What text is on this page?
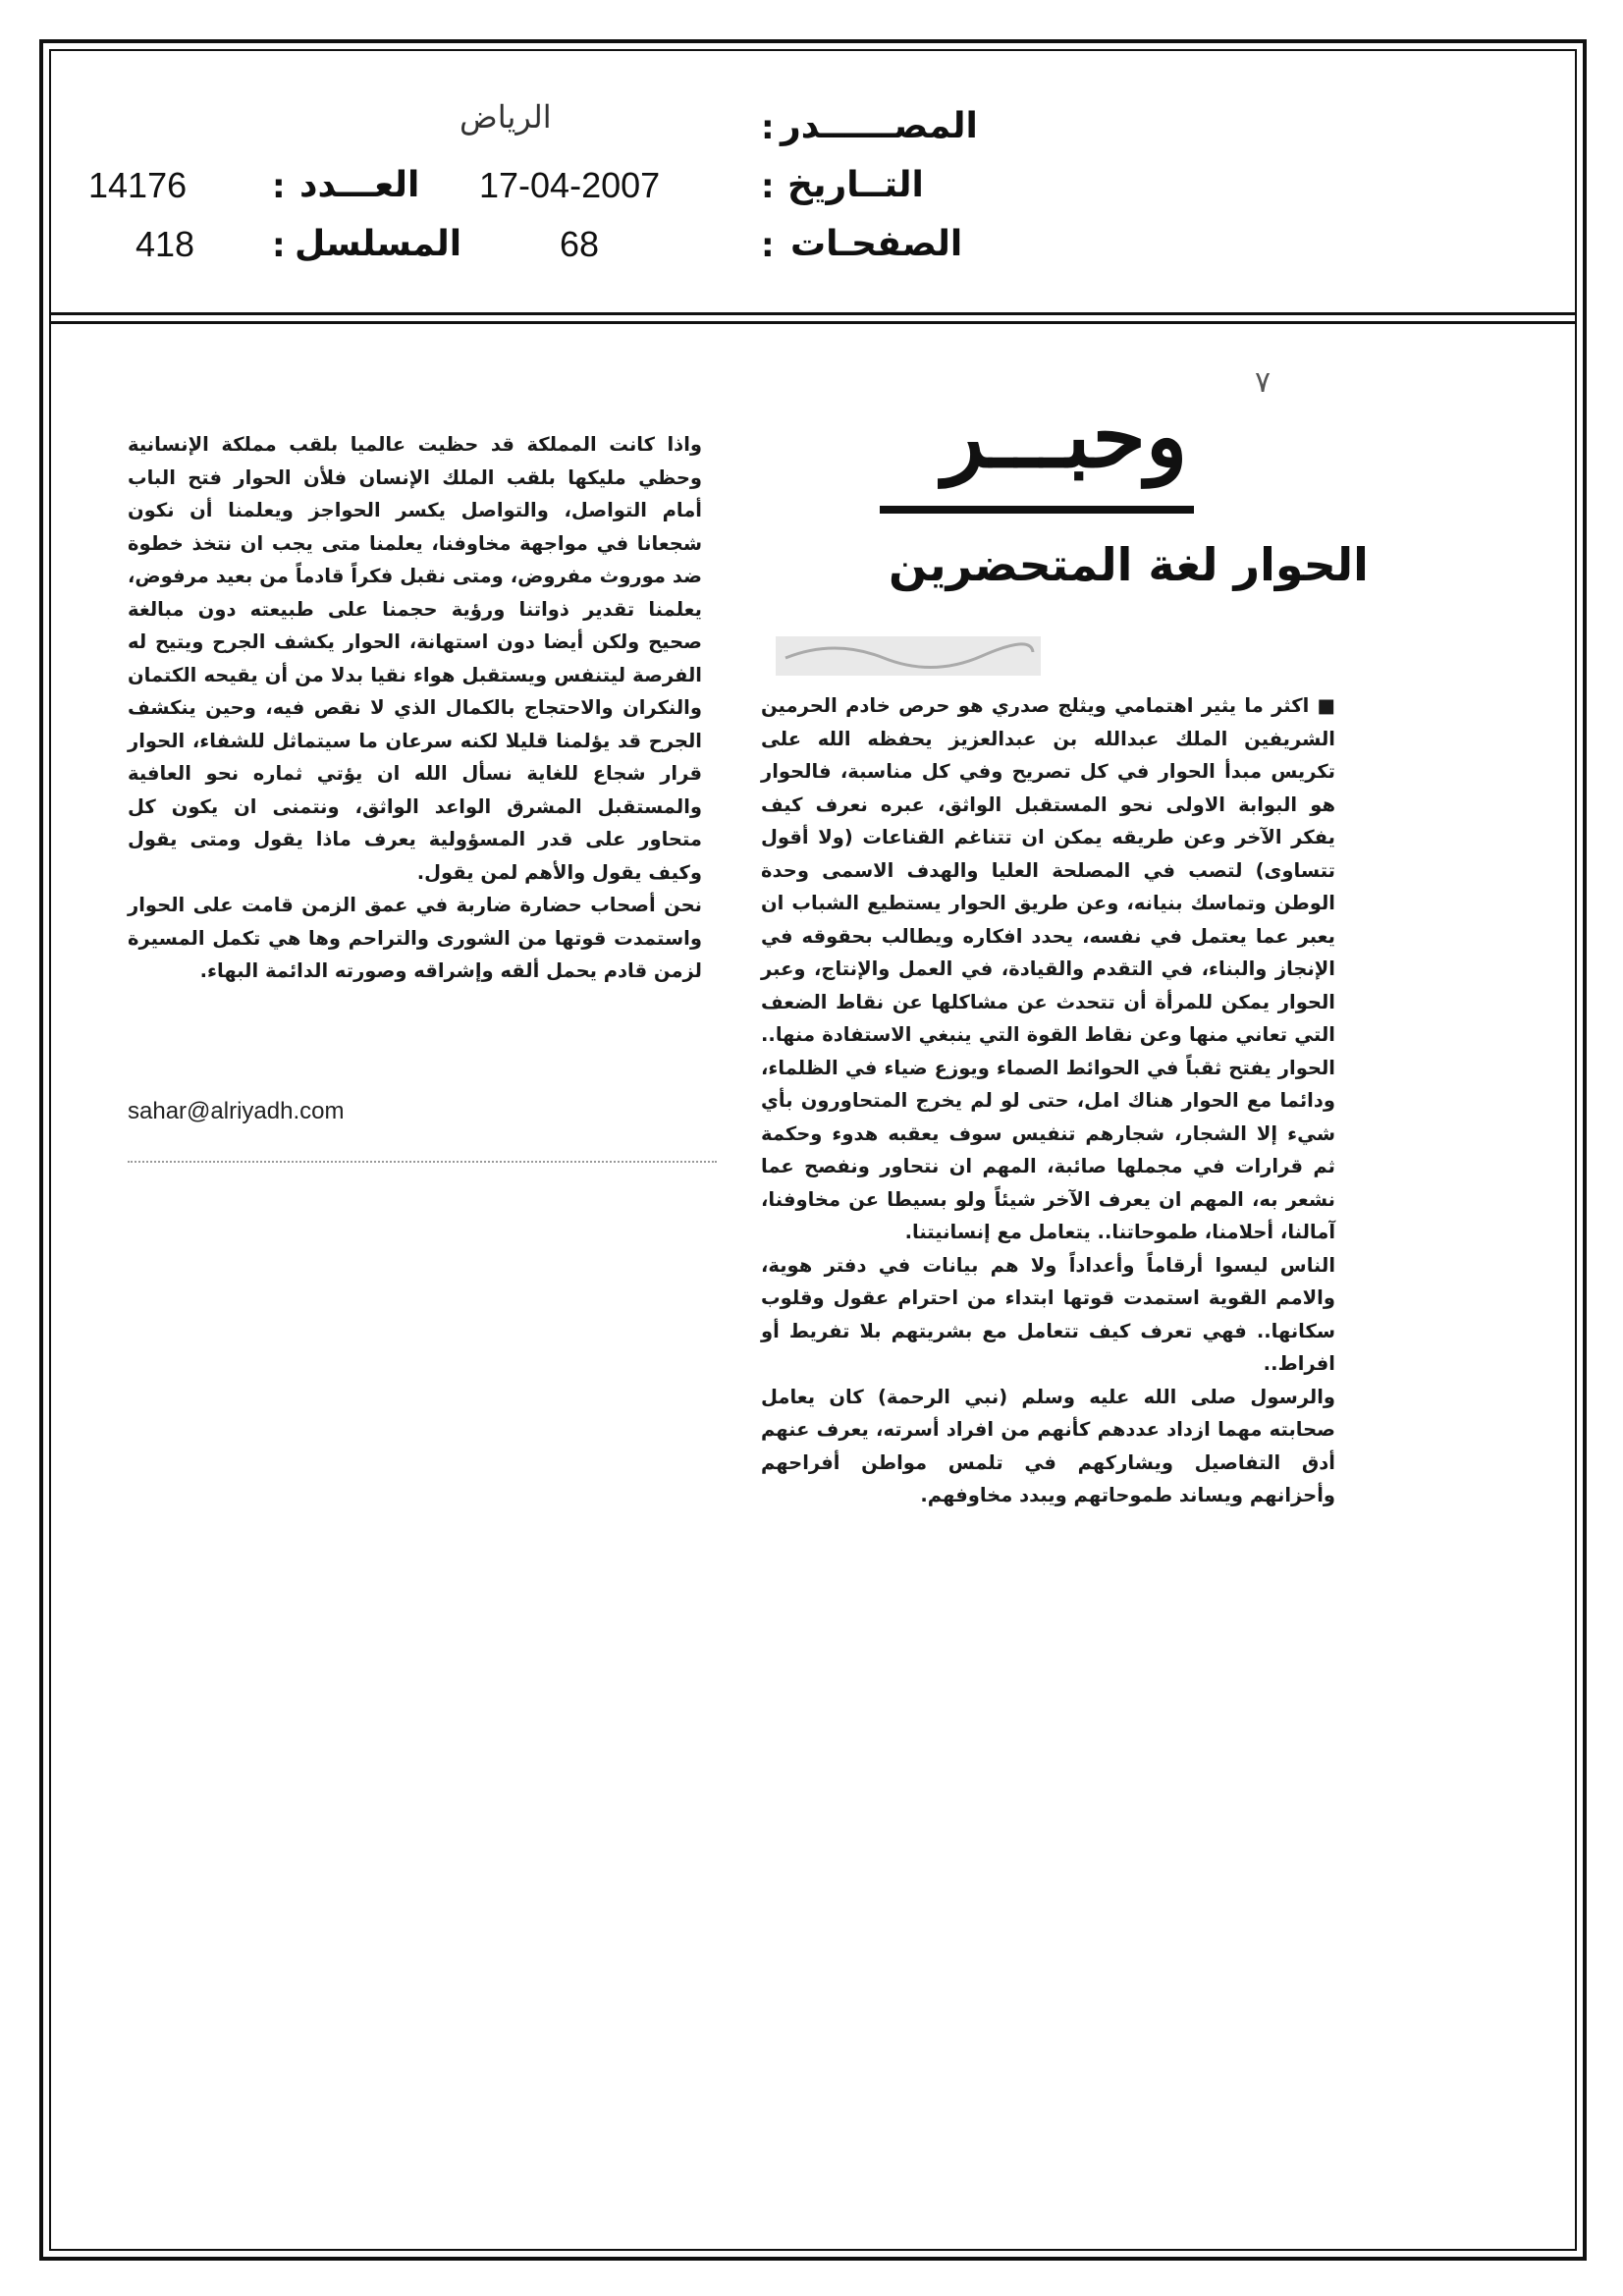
المصــــــدر
:
الرياض
التــاريخ
:
17-04-2007
العـــدد
:
14176
الصفحـات
:
68
المسلسل
:
418
٧
وحبـــر
الحوار لغة المتحضرين

■ اكثر ما يثير اهتمامي ويثلج صدري هو حرص خادم الحرمين الشريفين الملك عبدالله بن عبدالعزيز يحفظه الله على تكريس مبدأ الحوار في كل تصريح وفي كل مناسبة، فالحوار هو البوابة الاولى نحو المستقبل الواثق، عبره نعرف كيف يفكر الآخر وعن طريقه يمكن ان تتناغم القناعات (ولا أقول تتساوى) لتصب في المصلحة العليا والهدف الاسمى وحدة الوطن وتماسك بنيانه، وعن طريق الحوار يستطيع الشباب ان يعبر عما يعتمل في نفسه، يحدد افكاره ويطالب بحقوقه في الإنجاز والبناء، في التقدم والقيادة، في العمل والإنتاج، وعبر الحوار يمكن للمرأة أن تتحدث عن مشاكلها عن نقاط الضعف التي تعاني منها وعن نقاط القوة التي ينبغي الاستفادة منها.. الحوار يفتح ثقباً في الحوائط الصماء ويوزع ضياء في الظلماء، ودائما مع الحوار هناك امل، حتى لو لم يخرج المتحاورون بأي شيء إلا الشجار، شجارهم تنفيس سوف يعقبه هدوء وحكمة ثم قرارات في مجملها صائبة، المهم ان نتحاور ونفصح عما نشعر به، المهم ان يعرف الآخر شيئاً ولو بسيطا عن مخاوفنا، آمالنا، أحلامنا، طموحاتنا.. يتعامل مع إنسانيتنا.

الناس ليسوا أرقاماً وأعداداً ولا هم بيانات في دفتر هوية، والامم القوية استمدت قوتها ابتداء من احترام عقول وقلوب سكانها.. فهي تعرف كيف تتعامل مع بشريتهم بلا تفريط أو افراط..

والرسول صلى الله عليه وسلم (نبي الرحمة) كان يعامل صحابته مهما ازداد عددهم كأنهم من افراد أسرته، يعرف عنهم أدق التفاصيل ويشاركهم في تلمس مواطن أفراحهم وأحزانهم ويساند طموحاتهم ويبدد مخاوفهم.

واذا كانت المملكة قد حظيت عالميا بلقب مملكة الإنسانية وحظي مليكها بلقب الملك الإنسان فلأن الحوار فتح الباب أمام التواصل، والتواصل يكسر الحواجز ويعلمنا أن نكون شجعانا في مواجهة مخاوفنا، يعلمنا متى يجب ان نتخذ خطوة ضد موروث مفروض، ومتى نقبل فكراً قادماً من بعيد مرفوض، يعلمنا تقدير ذواتنا ورؤية حجمنا على طبيعته دون مبالغة صحيح ولكن أيضا دون استهانة، الحوار يكشف الجرح ويتيح له الفرصة ليتنفس ويستقبل هواء نقيا بدلا من أن يقيحه الكتمان والنكران والاحتجاج بالكمال الذي لا نقص فيه، وحين ينكشف الجرح قد يؤلمنا قليلا لكنه سرعان ما سيتماثل للشفاء، الحوار قرار شجاع للغاية نسأل الله ان يؤتي ثماره نحو العافية والمستقبل المشرق الواعد الواثق، ونتمنى ان يكون كل متحاور على قدر المسؤولية يعرف ماذا يقول ومتى يقول وكيف يقول والأهم لمن يقول.

نحن أصحاب حضارة ضاربة في عمق الزمن قامت على الحوار واستمدت قوتها من الشورى والتراحم وها هي تكمل المسيرة لزمن قادم يحمل ألقه وإشراقه وصورته الدائمة البهاء.

sahar@alriyadh.com
